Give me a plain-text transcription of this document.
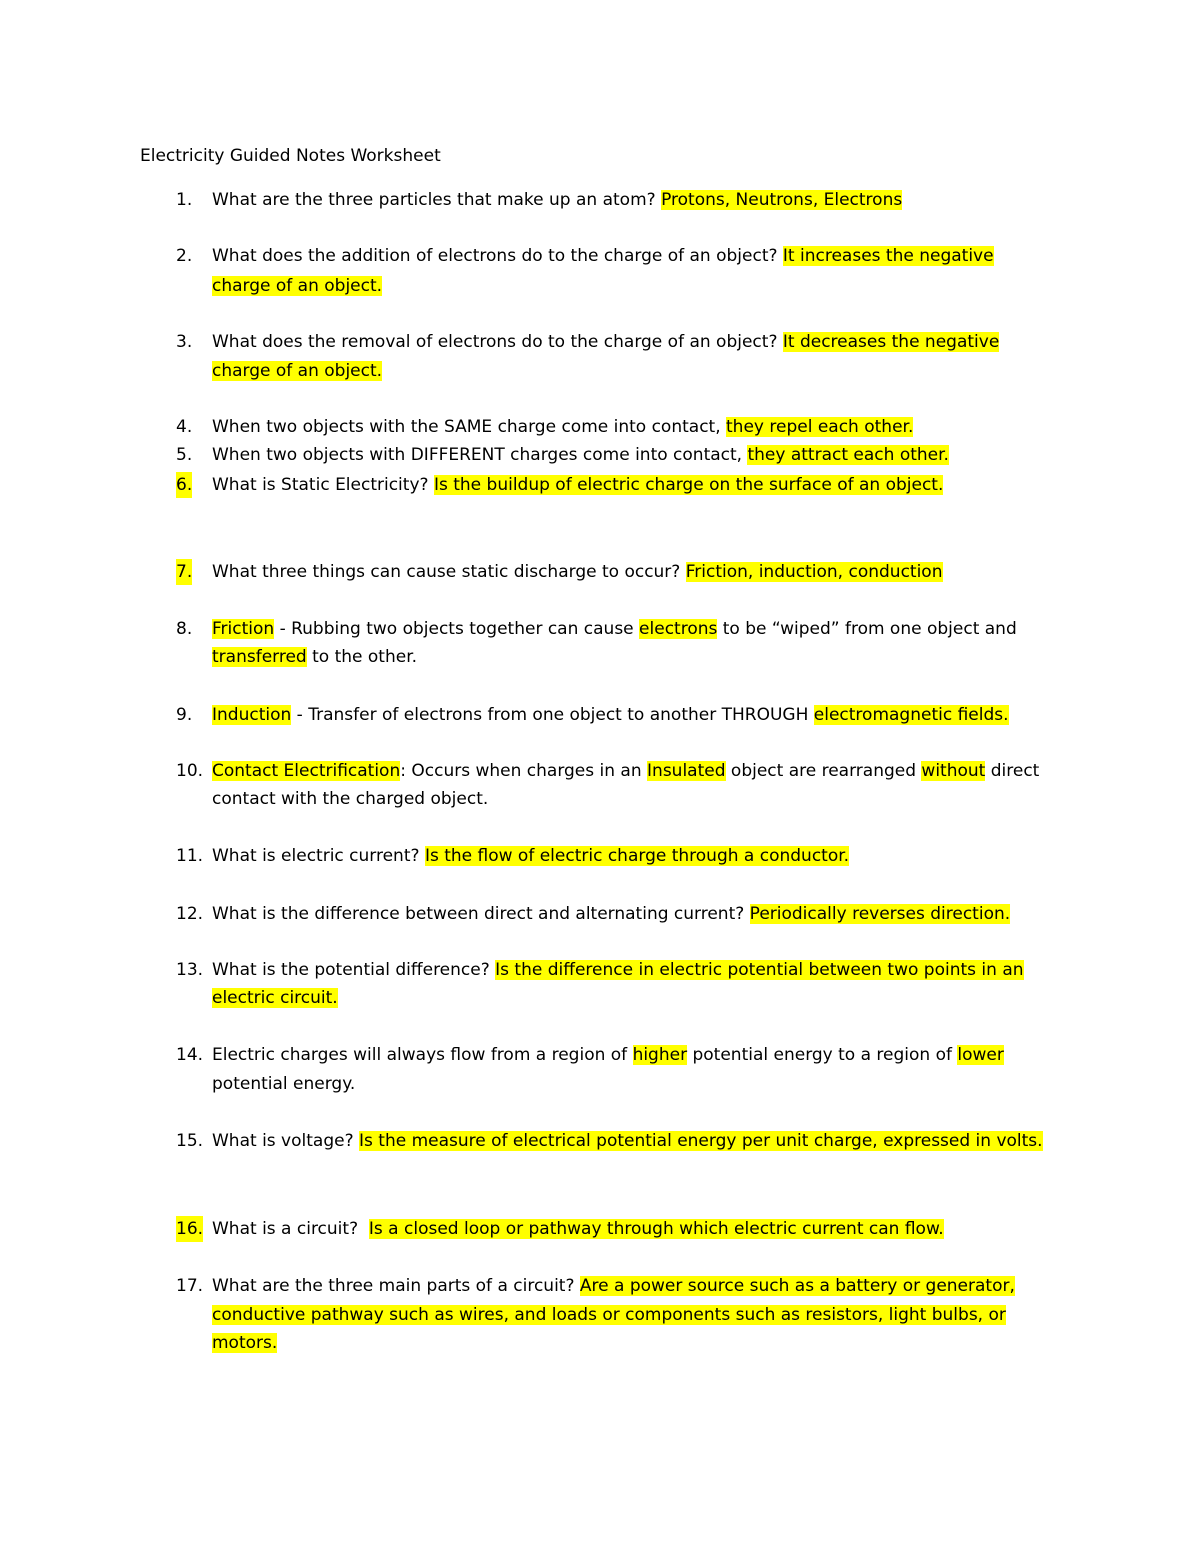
Electricity Guided Notes Worksheet
1. What are the three particles that make up an atom? Protons, Neutrons, Electrons
2. What does the addition of electrons do to the charge of an object? It increases the negative
charge of an object.
3. What does the removal of electrons do to the charge of an object? It decreases the negative
charge of an object.
4. When two objects with the SAME charge come into contact, they repel each other.
5. When two objects with DIFFERENT charges come into contact, they attract each other.
6. What is Static Electricity? Is the buildup of electric charge on the surface of an object.
7. What three things can cause static discharge to occur? Friction, induction, conduction
8. Friction - Rubbing two objects together can cause electrons to be “wiped” from one object and
transferred to the other.
9. Induction - Transfer of electrons from one object to another THROUGH electromagnetic fields.
10. Contact Electrification: Occurs when charges in an Insulated object are rearranged without direct
contact with the charged object.
11. What is electric current? Is the flow of electric charge through a conductor.
12. What is the difference between direct and alternating current? Periodically reverses direction.
13. What is the potential difference? Is the difference in electric potential between two points in an
electric circuit.
14. Electric charges will always flow from a region of higher potential energy to a region of lower
potential energy.
15. What is voltage? Is the measure of electrical potential energy per unit charge, expressed in volts.
16. What is a circuit?  Is a closed loop or pathway through which electric current can flow.
17. What are the three main parts of a circuit? Are a power source such as a battery or generator,
conductive pathway such as wires, and loads or components such as resistors, light bulbs, or
motors.
